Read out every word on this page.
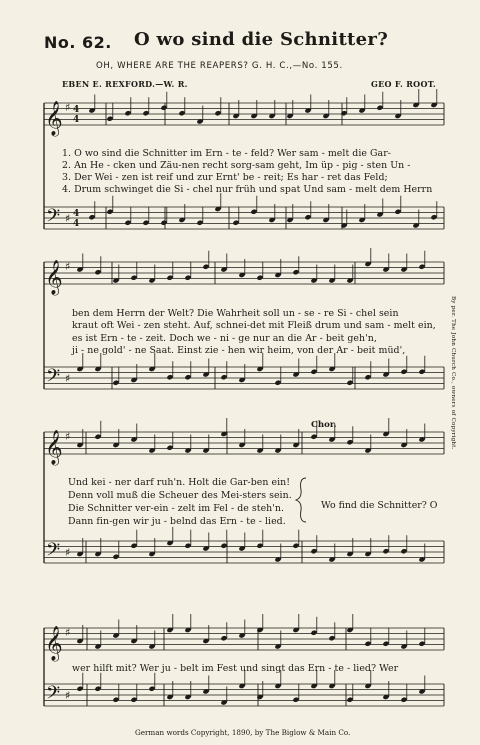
No. 62. O wo sind die Schnitter?
OH, WHERE ARE THE REAPERS? G. H. C.,—No. 155.
EBEN E. REXFORD.—W. R.	GEO F. ROOT.
𝄞
𝄢
♯
♯
4
4
4
4
𝄞
𝄢
♯
♯
𝄞
𝄢
♯
♯
𝄞
𝄢
♯
♯
1. O wo sind die Schnitter im Ern - te - feld? Wer sam - melt die Gar-
2. An He - cken und Zäu-nen recht sorg-sam geht, Im üp - pig - sten Un -
3. Der Wei - zen ist reif und zur Ernt' be - reit; Es har - ret das Feld;
4. Drum schwinget die Si - chel nur früh und spat Und sam - melt dem Herrn
ben dem Herrn der Welt? Die Wahrheit soll un - se - re Si - chel sein
kraut oft Wei - zen steht. Auf, schnei-det mit Fleiß drum und sam - melt ein,
es ist Ern - te - zeit. Doch we - ni - ge nur an die Ar - beit geh'n,
ji - ne gold' - ne Saat. Einst zie - hen wir heim, von der Ar - beit müd',
Chor.
Und kei - ner darf ruh'n. Holt die Gar-ben ein!
Denn voll muß die Scheuer des Mei-sters sein.
Die Schnitter ver-ein - zelt im Fel - de steh'n.
Dann fin-gen wir ju - belnd das Ern - te - lied.
Wo find die Schnitter? O
wer hilft mit? Wer ju - belt im Fest und singt das Ern - te - lied? Wer
By per. The John Church Co., owners of Copyright.
German words Copyright, 1890, by The Biglow & Main Co.
